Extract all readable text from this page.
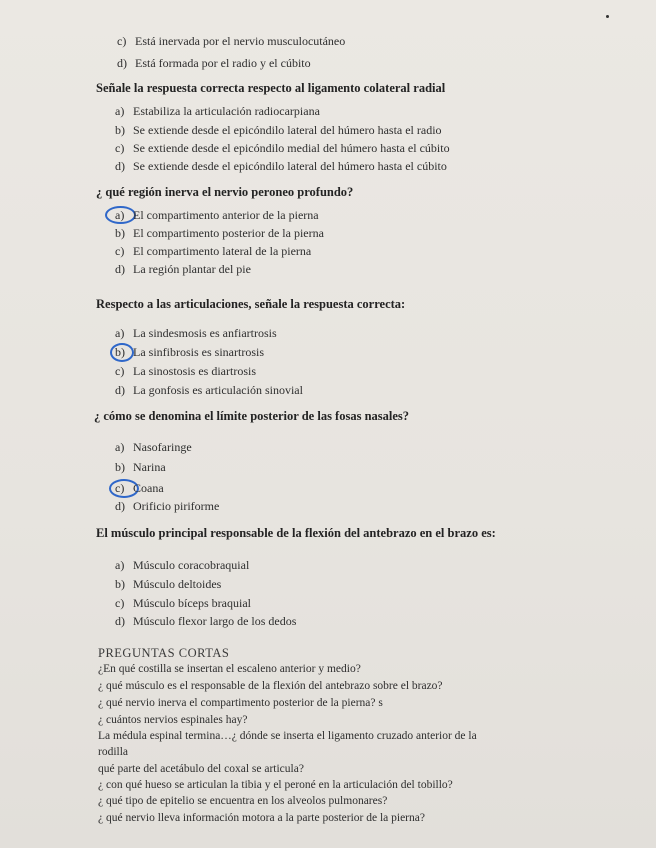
c) Está inervada por el nervio musculocutáneo
d) Está formada por el radio y el cúbito
Señale la respuesta correcta respecto al ligamento colateral radial
a) Estabiliza la articulación radiocarpiana
b) Se extiende desde el epicóndilo lateral del húmero hasta el radio
c) Se extiende desde el epicóndilo medial del húmero hasta el cúbito
d) Se extiende desde el epicóndilo lateral del húmero hasta el cúbito
¿ qué región inerva el nervio peroneo profundo?
a) El compartimento anterior de la pierna
b) El compartimento posterior de la pierna
c) El compartimento lateral de la pierna
d) La región plantar del pie
Respecto a las articulaciones, señale la respuesta correcta:
a) La sindesmosis es anfiartrosis
b) La sinfibrosis es sinartrosis
c) La sinostosis es diartrosis
d) La gonfosis es articulación sinovial
¿ cómo se denomina el límite posterior de las fosas nasales?
a) Nasofaringe
b) Narina
c) Coana
d) Orificio piriforme
El músculo principal responsable de la flexión del antebrazo en el brazo es:
a) Músculo coracobraquial
b) Músculo deltoides
c) Músculo bíceps braquial
d) Músculo flexor largo de los dedos
PREGUNTAS CORTAS
¿En qué costilla se insertan el escaleno anterior y medio?
¿ qué músculo es el responsable de la flexión del antebrazo sobre el brazo?
¿ qué nervio inerva el compartimento posterior de la pierna? s
¿ cuántos nervios espinales hay?
La médula espinal termina…¿ dónde se inserta el ligamento cruzado anterior de la
rodilla
qué parte del acetábulo del coxal se articula?
¿ con qué hueso se articulan la tibia y el peroné en la articulación del tobillo?
¿ qué tipo de epitelio se encuentra en los alveolos pulmonares?
¿ qué nervio lleva información motora a la parte posterior de la pierna?
